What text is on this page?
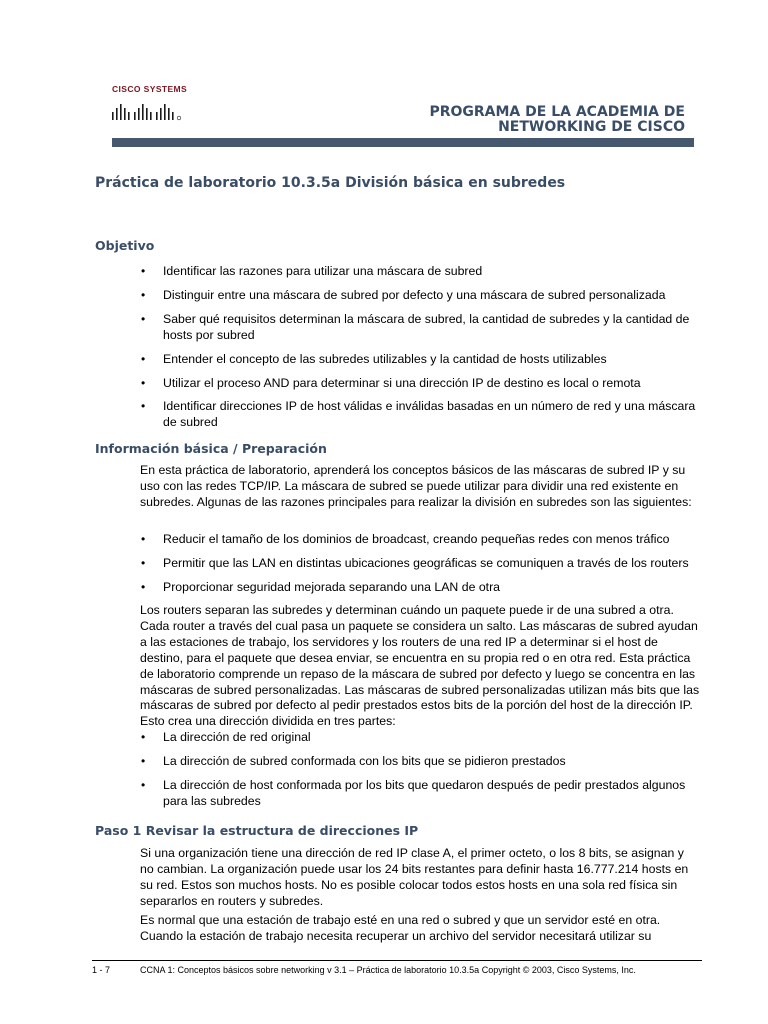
CISCO SYSTEMS
PROGRAMA DE LA ACADEMIA DE
NETWORKING DE CISCO
Práctica de laboratorio 10.3.5a División básica en subredes
Objetivo
• Identificar las razones para utilizar una máscara de subred
• Distinguir entre una máscara de subred por defecto y una máscara de subred personalizada
• Saber qué requisitos determinan la máscara de subred, la cantidad de subredes y la cantidad de hosts por subred
• Entender el concepto de las subredes utilizables y la cantidad de hosts utilizables
• Utilizar el proceso AND para determinar si una dirección IP de destino es local o remota
• Identificar direcciones IP de host válidas e inválidas basadas en un número de red y una máscara de subred
Información básica / Preparación
En esta práctica de laboratorio, aprenderá los conceptos básicos de las máscaras de subred IP y su uso con las redes TCP/IP. La máscara de subred se puede utilizar para dividir una red existente en subredes. Algunas de las razones principales para realizar la división en subredes son las siguientes:
• Reducir el tamaño de los dominios de broadcast, creando pequeñas redes con menos tráfico
• Permitir que las LAN en distintas ubicaciones geográficas se comuniquen a través de los routers
• Proporcionar seguridad mejorada separando una LAN de otra
Los routers separan las subredes y determinan cuándo un paquete puede ir de una subred a otra. Cada router a través del cual pasa un paquete se considera un salto. Las máscaras de subred ayudan a las estaciones de trabajo, los servidores y los routers de una red IP a determinar si el host de destino, para el paquete que desea enviar, se encuentra en su propia red o en otra red. Esta práctica de laboratorio comprende un repaso de la máscara de subred por defecto y luego se concentra en las máscaras de subred personalizadas. Las máscaras de subred personalizadas utilizan más bits que las máscaras de subred por defecto al pedir prestados estos bits de la porción del host de la dirección IP. Esto crea una dirección dividida en tres partes:
• La dirección de red original
• La dirección de subred conformada con los bits que se pidieron prestados
• La dirección de host conformada por los bits que quedaron después de pedir prestados algunos para las subredes
Paso 1 Revisar la estructura de direcciones IP
Si una organización tiene una dirección de red IP clase A, el primer octeto, o los 8 bits, se asignan y no cambian. La organización puede usar los 24 bits restantes para definir hasta 16.777.214 hosts en su red. Estos son muchos hosts. No es posible colocar todos estos hosts en una sola red física sin separarlos en routers y subredes.
Es normal que una estación de trabajo esté en una red o subred y que un servidor esté en otra. Cuando la estación de trabajo necesita recuperar un archivo del servidor necesitará utilizar su
1 - 7	CCNA 1: Conceptos básicos sobre networking v 3.1 – Práctica de laboratorio 10.3.5a Copyright © 2003, Cisco Systems, Inc.
